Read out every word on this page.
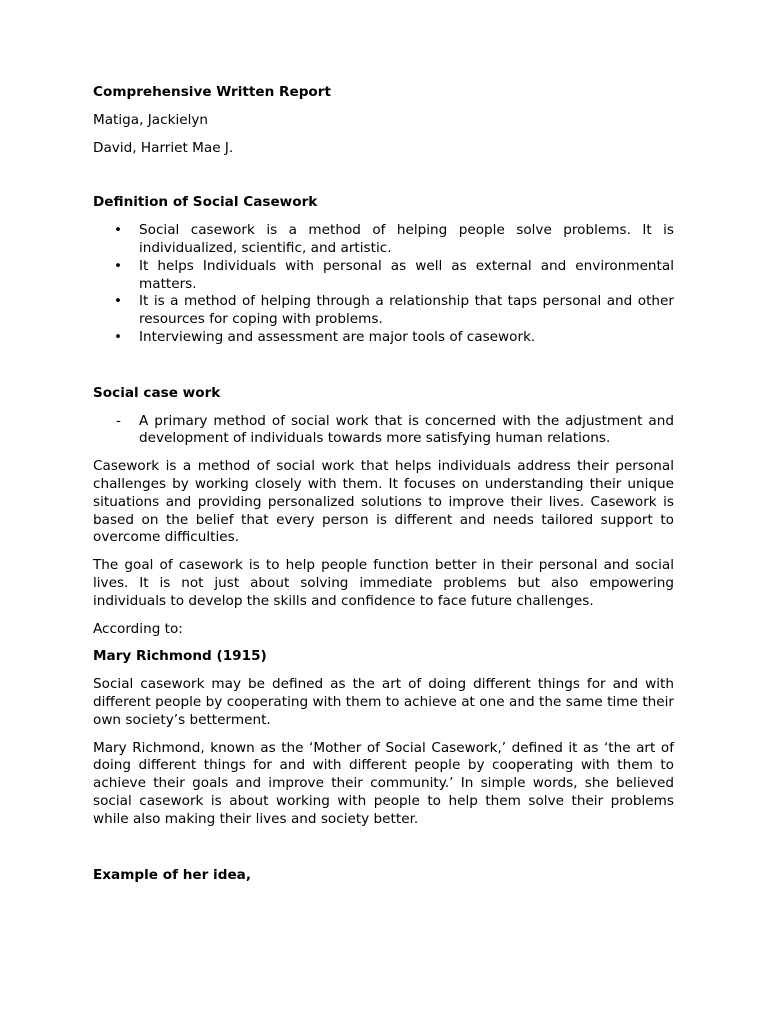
Comprehensive Written Report

Matiga, Jackielyn

David, Harriet Mae J.

Definition of Social Casework

• Social casework is a method of helping people solve problems. It is individualized, scientific, and artistic.
• It helps Individuals with personal as well as external and environmental matters.
• It is a method of helping through a relationship that taps personal and other resources for coping with problems.
• Interviewing and assessment are major tools of casework.

Social case work

- A primary method of social work that is concerned with the adjustment and development of individuals towards more satisfying human relations.

Casework is a method of social work that helps individuals address their personal challenges by working closely with them. It focuses on understanding their unique situations and providing personalized solutions to improve their lives. Casework is based on the belief that every person is different and needs tailored support to overcome difficulties.

The goal of casework is to help people function better in their personal and social lives. It is not just about solving immediate problems but also empowering individuals to develop the skills and confidence to face future challenges.

According to:

Mary Richmond (1915)

Social casework may be defined as the art of doing different things for and with different people by cooperating with them to achieve at one and the same time their own society’s betterment.

Mary Richmond, known as the ‘Mother of Social Casework,’ defined it as ‘the art of doing different things for and with different people by cooperating with them to achieve their goals and improve their community.’ In simple words, she believed social casework is about working with people to help them solve their problems while also making their lives and society better.

Example of her idea,
